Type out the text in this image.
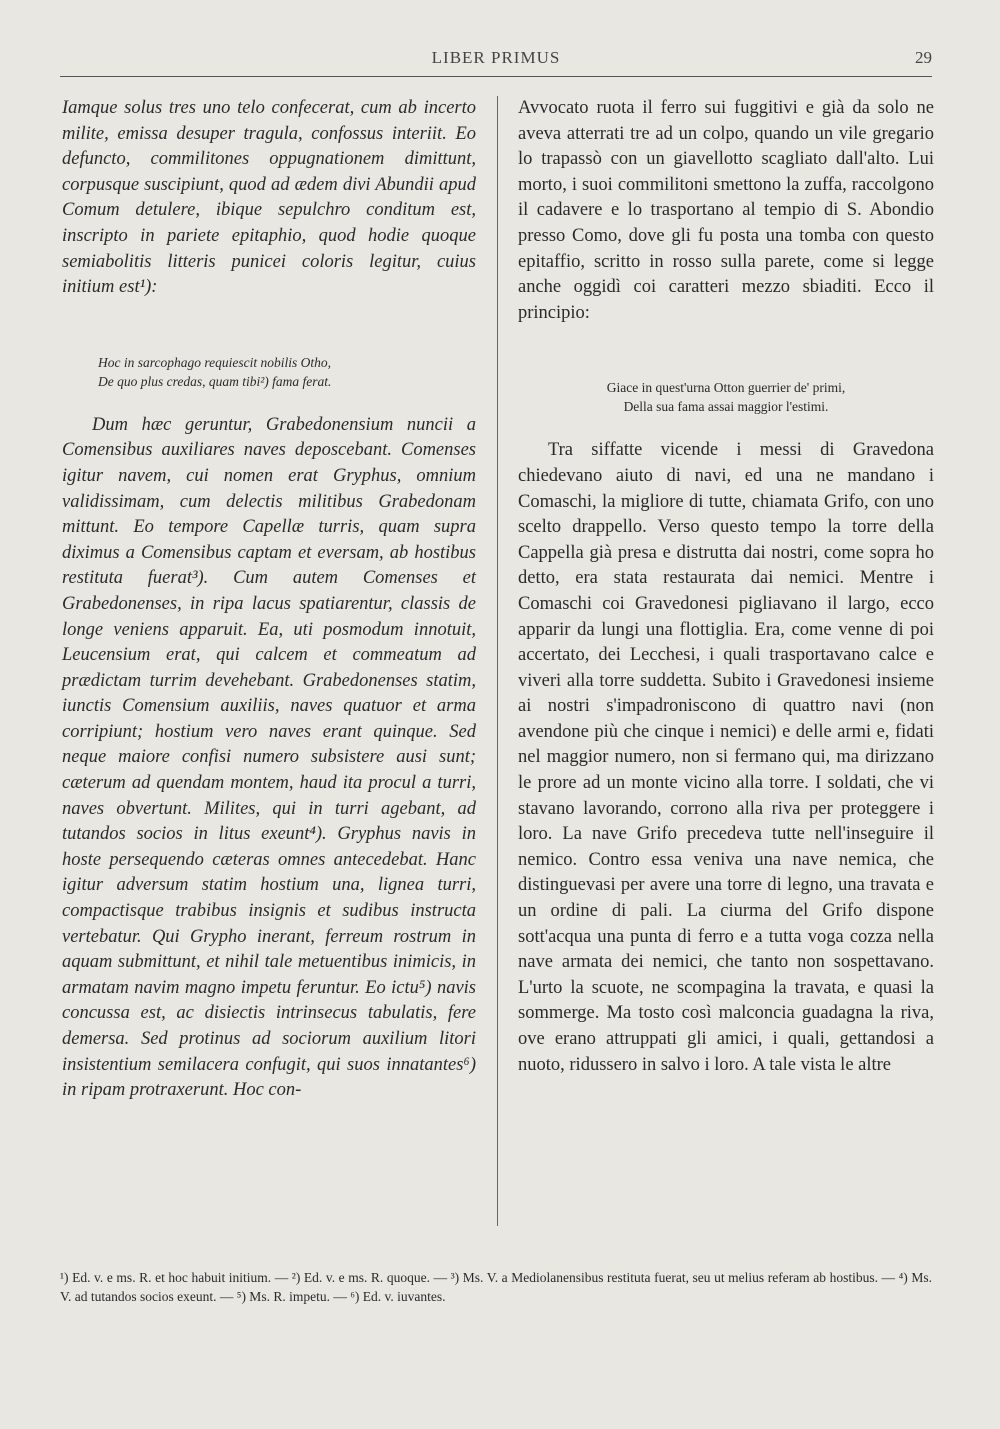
LIBER PRIMUS	29

Iamque solus tres uno telo confecerat, cum ab incerto milite, emissa desuper tragula, confossus interiit. Eo defuncto, commilitones oppugnationem dimittunt, corpusque suscipiunt, quod ad ædem divi Abundii apud Comum detulere, ibique sepulchro conditum est, inscripto in pariete epitaphio, quod hodie quoque semiabolitis litteris punicei coloris legitur, cuius initium est¹):

Hoc in sarcophago requiescit nobilis Otho,
De quo plus credas, quam tibi²) fama ferat.

Dum hæc geruntur, Grabedonensium nuncii a Comensibus auxiliares naves deposcebant. Comenses igitur navem, cui nomen erat Gryphus, omnium validissimam, cum delectis militibus Grabedonam mittunt. Eo tempore Capellæ turris, quam supra diximus a Comensibus captam et eversam, ab hostibus restituta fuerat³). Cum autem Comenses et Grabedonenses, in ripa lacus spatiarentur, classis de longe veniens apparuit. Ea, uti posmodum innotuit, Leucensium erat, qui calcem et commeatum ad prædictam turrim devehebant. Grabedonenses statim, iunctis Comensium auxiliis, naves quatuor et arma corripiunt; hostium vero naves erant quinque. Sed neque maiore confisi numero subsistere ausi sunt; cæterum ad quendam montem, haud ita procul a turri, naves obvertunt. Milites, qui in turri agebant, ad tutandos socios in litus exeunt⁴). Gryphus navis in hoste persequendo cæteras omnes antecedebat. Hanc igitur adversum statim hostium una, lignea turri, compactisque trabibus insignis et sudibus instructa vertebatur. Qui Grypho inerant, ferreum rostrum in aquam submittunt, et nihil tale metuentibus inimicis, in armatam navim magno impetu feruntur. Eo ictu⁵) navis concussa est, ac disiectis intrinsecus tabulatis, fere demersa. Sed protinus ad sociorum auxilium litori insistentium semilacera confugit, qui suos innatantes⁶) in ripam protraxerunt. Hoc con-

Avvocato ruota il ferro sui fuggitivi e già da solo ne aveva atterrati tre ad un colpo, quando un vile gregario lo trapassò con un giavellotto scagliato dall'alto. Lui morto, i suoi commilitoni smettono la zuffa, raccolgono il cadavere e lo trasportano al tempio di S. Abondio presso Como, dove gli fu posta una tomba con questo epitaffio, scritto in rosso sulla parete, come si legge anche oggidì coi caratteri mezzo sbiaditi. Ecco il principio:

Giace in quest'urna Otton guerrier de' primi,
Della sua fama assai maggior l'estimi.

Tra siffatte vicende i messi di Gravedona chiedevano aiuto di navi, ed una ne mandano i Comaschi, la migliore di tutte, chiamata Grifo, con uno scelto drappello. Verso questo tempo la torre della Cappella già presa e distrutta dai nostri, come sopra ho detto, era stata restaurata dai nemici. Mentre i Comaschi coi Gravedonesi pigliavano il largo, ecco apparir da lungi una flottiglia. Era, come venne di poi accertato, dei Lecchesi, i quali trasportavano calce e viveri alla torre suddetta. Subito i Gravedonesi insieme ai nostri s'impadroniscono di quattro navi (non avendone più che cinque i nemici) e delle armi e, fidati nel maggior numero, non si fermano qui, ma dirizzano le prore ad un monte vicino alla torre. I soldati, che vi stavano lavorando, corrono alla riva per proteggere i loro. La nave Grifo precedeva tutte nell'inseguire il nemico. Contro essa veniva una nave nemica, che distinguevasi per avere una torre di legno, una travata e un ordine di pali. La ciurma del Grifo dispone sott'acqua una punta di ferro e a tutta voga cozza nella nave armata dei nemici, che tanto non sospettavano. L'urto la scuote, ne scompagina la travata, e quasi la sommerge. Ma tosto così malconcia guadagna la riva, ove erano attruppati gli amici, i quali, gettandosi a nuoto, ridussero in salvo i loro. A tale vista le altre

¹) Ed. v. e ms. R. et hoc habuit initium. — ²) Ed. v. e ms. R. quoque. — ³) Ms. V. a Mediolanensibus restituta fuerat, seu ut melius referam ab hostibus. — ⁴) Ms. V. ad tutandos socios exeunt. — ⁵) Ms. R. impetu. — ⁶) Ed. v. iuvantes.
